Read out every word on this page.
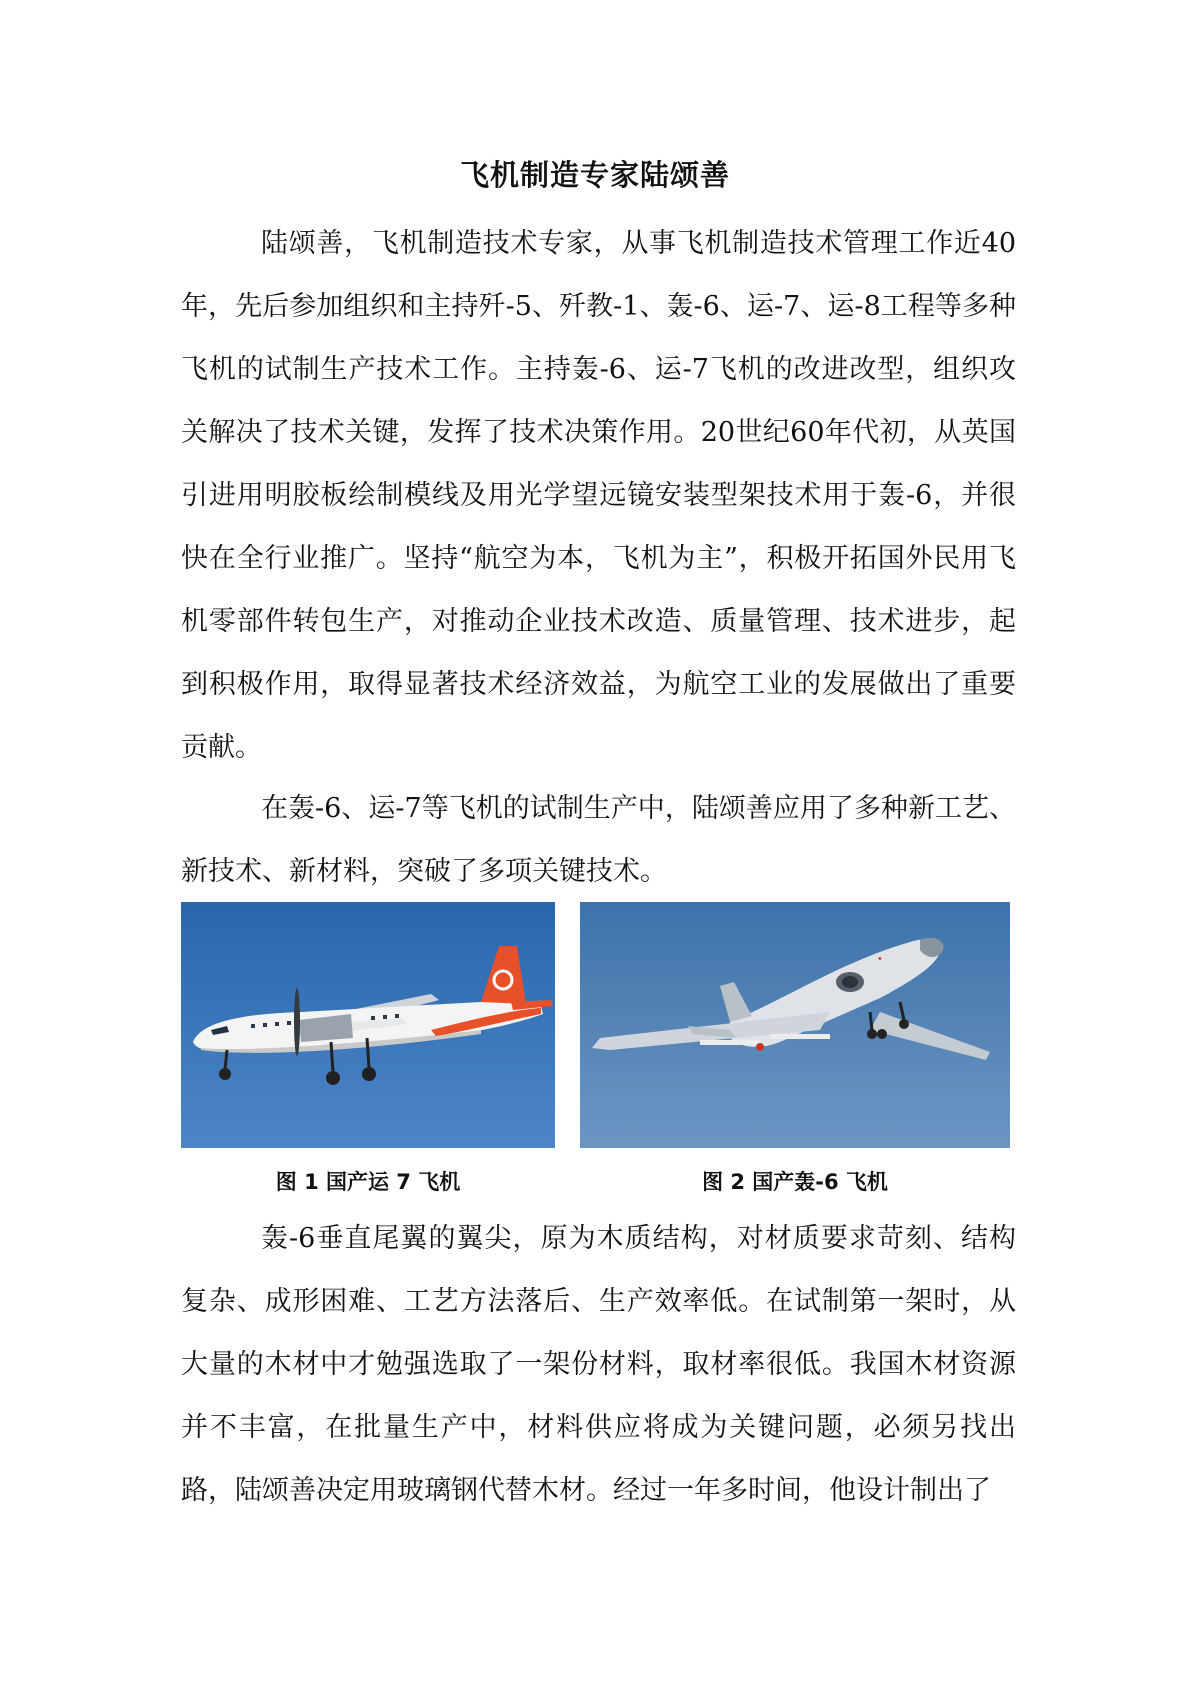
飞机制造专家陆颂善

陆颂善，飞机制造技术专家，从事飞机制造技术管理工作近40年，先后参加组织和主持歼-5、歼教-1、轰-6、运-7、运-8工程等多种飞机的试制生产技术工作。主持轰-6、运-7飞机的改进改型，组织攻关解决了技术关键，发挥了技术决策作用。20世纪60年代初，从英国引进用明胶板绘制模线及用光学望远镜安装型架技术用于轰-6，并很快在全行业推广。坚持“航空为本，飞机为主”，积极开拓国外民用飞机零部件转包生产，对推动企业技术改造、质量管理、技术进步，起到积极作用，取得显著技术经济效益，为航空工业的发展做出了重要贡献。

在轰-6、运-7等飞机的试制生产中，陆颂善应用了多种新工艺、新技术、新材料，突破了多项关键技术。

·

图 1 国产运 7 飞机	图 2 国产轰-6 飞机

轰-6垂直尾翼的翼尖，原为木质结构，对材质要求苛刻、结构复杂、成形困难、工艺方法落后、生产效率低。在试制第一架时，从大量的木材中才勉强选取了一架份材料，取材率很低。我国木材资源并不丰富，在批量生产中，材料供应将成为关键问题，必须另找出路，陆颂善决定用玻璃钢代替木材。经过一年多时间，他设计制出了
